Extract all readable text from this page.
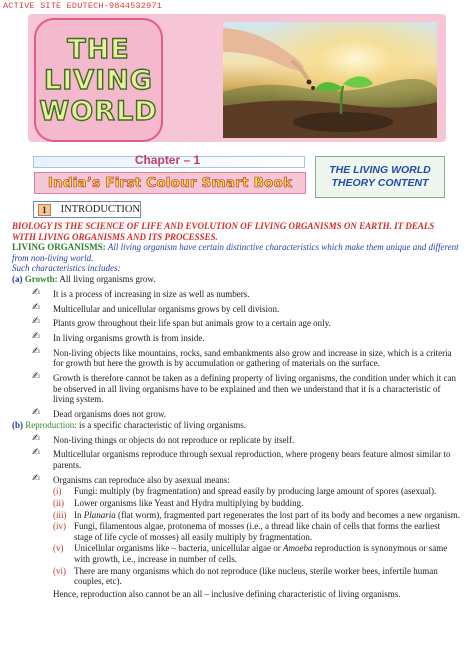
ACTIVE SITE EDUTECH-9844532971
THE
LIVING
WORLD
Chapter – 1
India’s First Colour Smart Book
THE LIVING WORLD
THEORY CONTENT
1	INTRODUCTION
BIOLOGY IS THE SCIENCE OF LIFE AND EVOLUTION OF LIVING ORGANISMS ON EARTH. IT DEALS WITH LIVING ORGANISMS AND ITS PROCESSES.
LIVING ORGANISMS: All living organism have certain distinctive characteristics which make them unique and different from non-living world.
Such characteristics includes:
(a) Growth: All living organisms grow.
✍ It is a process of increasing in size as well as numbers.
✍ Multicellular and unicellular organisms grows by cell division.
✍ Plants grow throughout their life span but animals grow to a certain age only.
✍ In living organisms growth is from inside.
✍ Non-living objects like mountains, rocks, sand embankments also grow and increase in size, which is a criteria for growth but here the growth is by accumulation or gathering of materials on the surface.
✍ Growth is therefore cannot be taken as a defining property of living organisms, the condition under which it can be observed in all living organisms have to be explained and then we understand that it is a characteristic of living system.
✍ Dead organisms does not grow.
(b) Reproduction: is a specific characteristic of living organisms.
✍ Non-living things or objects do not reproduce or replicate by itself.
✍ Multicellular organisms reproduce through sexual reproduction, where progeny bears feature almost similar to parents.
✍ Organisms can reproduce also by asexual means:
(i) Fungi: multiply (by fragmentation) and spread easily by producing large amount of spores (asexual).
(ii) Lower organisms like Yeast and Hydra multiplying by budding.
(iii) In Planaria (flat worm), fragmented part regenerates the lost part of its body and becomes a new organism.
(iv) Fungi, filamentous algae, protonema of mosses (i.e., a thread like chain of cells that forms the earliest stage of life cycle of mosses) all easily multiply by fragmentation.
(v) Unicellular organisms like – bacteria, unicellular algae or Amoeba reproduction is synonymous or same with growth, i.e., increase in number of cells.
(vi) There are many organisms which do not reproduce (like nucleus, sterile worker bees, infertile human couples, etc).
Hence, reproduction also cannot be an all – inclusive defining characteristic of living organisms.
